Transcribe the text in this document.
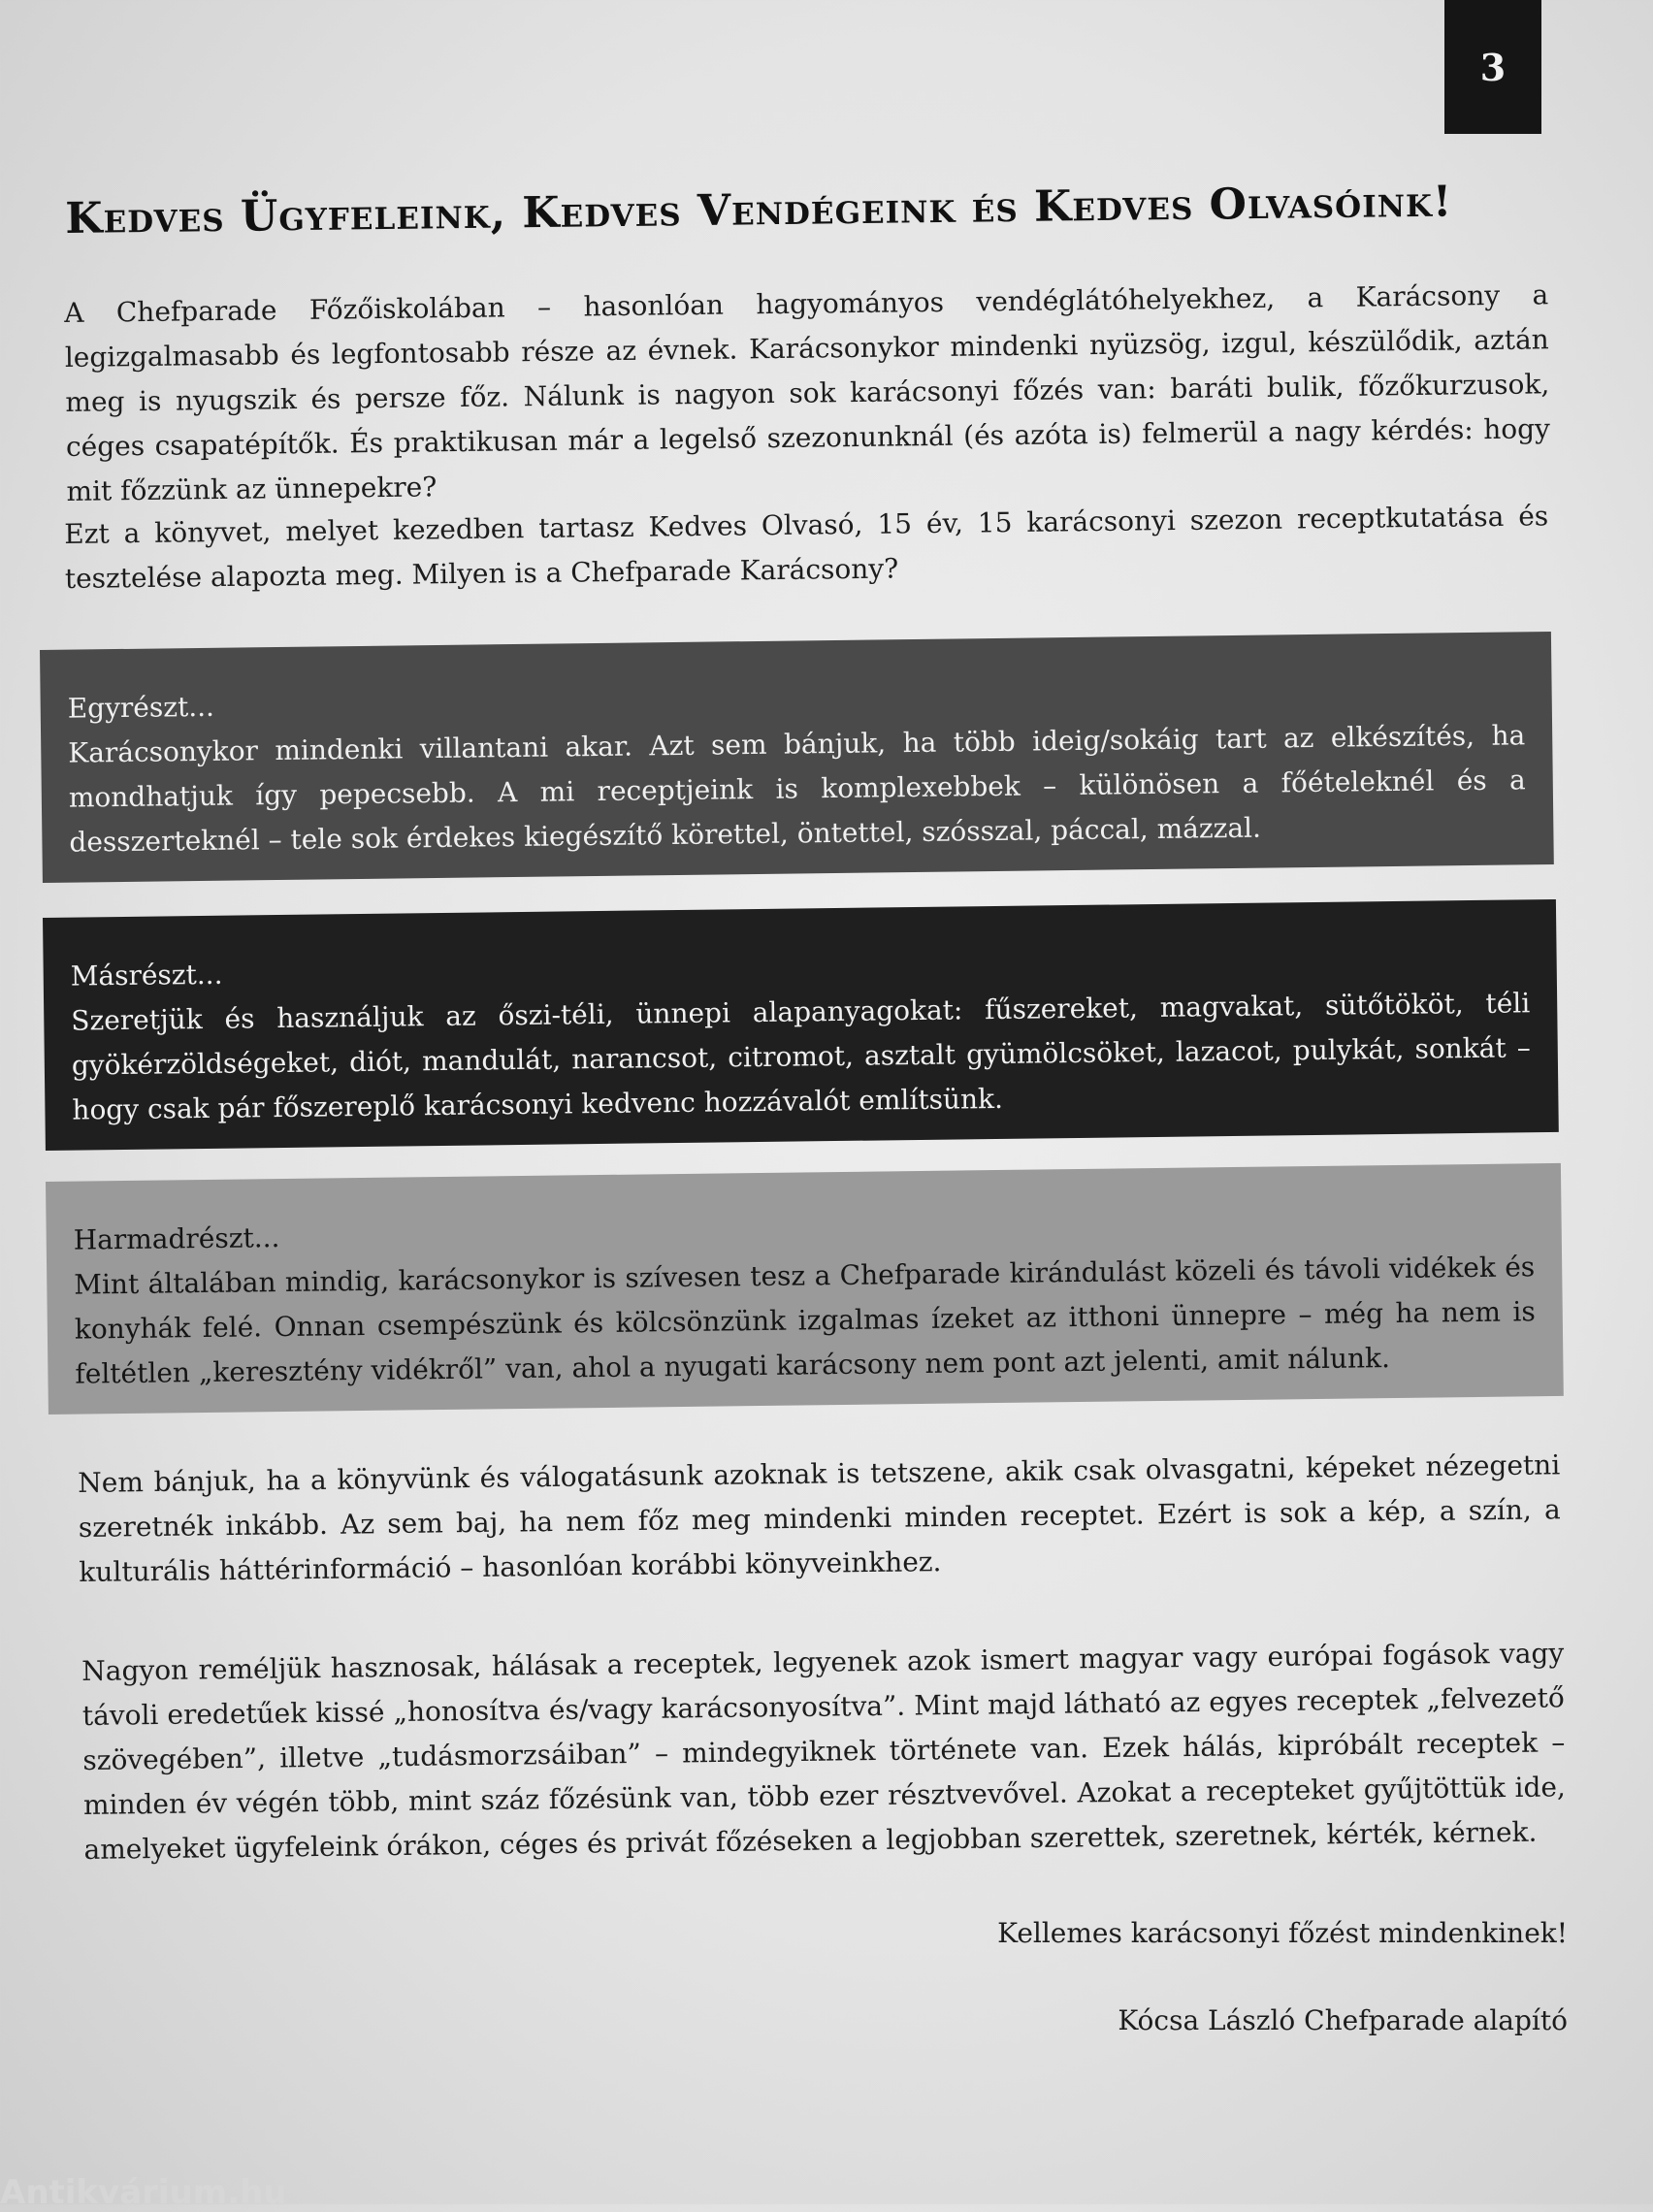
3
Kedves Ügyfeleink, Kedves Vendégeink és Kedves Olvasóink!

A Chefparade Főzőiskolában – hasonlóan hagyományos vendéglátóhelyekhez, a Karácsony a legizgalmasabb és legfontosabb része az évnek. Karácsonykor mindenki nyüzsög, izgul, készülődik, aztán meg is nyugszik és persze főz. Nálunk is nagyon sok karácsonyi főzés van: baráti bulik, főzőkurzusok, céges csapatépítők. És praktikusan már a legelső szezonunknál (és azóta is) felmerül a nagy kérdés: hogy mit főzzünk az ünnepekre?

Ezt a könyvet, melyet kezedben tartasz Kedves Olvasó, 15 év, 15 karácsonyi szezon receptkutatása és tesztelése alapozta meg. Milyen is a Chefparade Karácsony?

Egyrészt...

Karácsonykor mindenki villantani akar. Azt sem bánjuk, ha több ideig/sokáig tart az elkészítés, ha mondhatjuk így pepecsebb. A mi receptjeink is komplexebbek – különösen a főételeknél és a desszerteknél – tele sok érdekes kiegészítő körettel, öntettel, szósszal, páccal, mázzal.

Másrészt...

Szeretjük és használjuk az őszi-téli, ünnepi alapanyagokat: fűszereket, magvakat, sütőtököt, téli gyökérzöldségeket, diót, mandulát, narancsot, citromot, asztalt gyümölcsöket, lazacot, pulykát, sonkát – hogy csak pár főszereplő karácsonyi kedvenc hozzávalót említsünk.

Harmadrészt...

Mint általában mindig, karácsonykor is szívesen tesz a Chefparade kirándulást közeli és távoli vidékek és konyhák felé. Onnan csempészünk és kölcsönzünk izgalmas ízeket az itthoni ünnepre – még ha nem is feltétlen „keresztény vidékről” van, ahol a nyugati karácsony nem pont azt jelenti, amit nálunk.

Nem bánjuk, ha a könyvünk és válogatásunk azoknak is tetszene, akik csak olvasgatni, képeket nézegetni szeretnék inkább. Az sem baj, ha nem főz meg mindenki minden receptet. Ezért is sok a kép, a szín, a kulturális háttérinformáció – hasonlóan korábbi könyveinkhez.

Nagyon reméljük hasznosak, hálásak a receptek, legyenek azok ismert magyar vagy európai fogások vagy távoli eredetűek kissé „honosítva és/vagy karácsonyosítva”. Mint majd látható az egyes receptek „felvezető szövegében”, illetve „tudásmorzsáiban” – mindegyiknek története van. Ezek hálás, kipróbált receptek – minden év végén több, mint száz főzésünk van, több ezer résztvevővel. Azokat a recepteket gyűjtöttük ide, amelyeket ügyfeleink órákon, céges és privát főzéseken a legjobban szerettek, szeretnek, kérték, kérnek.

Kellemes karácsonyi főzést mindenkinek!

Kócsa László Chefparade alapító

Antikvárium.hu
